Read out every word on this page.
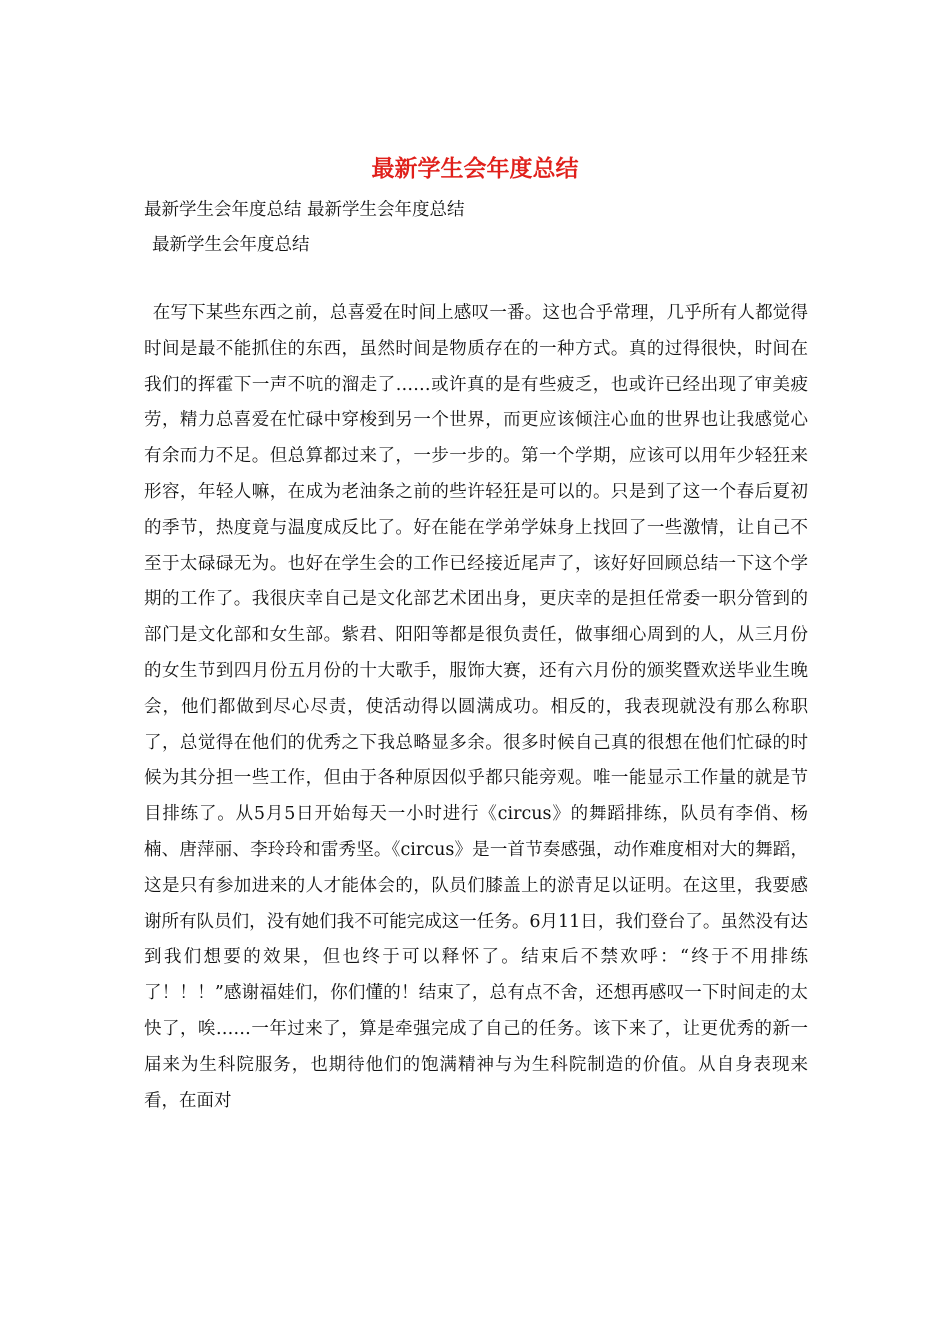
最新学生会年度总结

最新学生会年度总结 最新学生会年度总结

最新学生会年度总结

在写下某些东西之前，总喜爱在时间上感叹一番。这也合乎常理，几乎所有人都觉得时间是最不能抓住的东西，虽然时间是物质存在的一种方式。真的过得很快，时间在我们的挥霍下一声不吭的溜走了……或许真的是有些疲乏，也或许已经出现了审美疲劳，精力总喜爱在忙碌中穿梭到另一个世界，而更应该倾注心血的世界也让我感觉心有余而力不足。但总算都过来了，一步一步的。第一个学期，应该可以用年少轻狂来形容，年轻人嘛，在成为老油条之前的些许轻狂是可以的。只是到了这一个春后夏初的季节，热度竟与温度成反比了。好在能在学弟学妹身上找回了一些激情，让自己不至于太碌碌无为。也好在学生会的工作已经接近尾声了，该好好回顾总结一下这个学期的工作了。我很庆幸自己是文化部艺术团出身，更庆幸的是担任常委一职分管到的部门是文化部和女生部。紫君、阳阳等都是很负责任，做事细心周到的人，从三月份的女生节到四月份五月份的十大歌手，服饰大赛，还有六月份的颁奖暨欢送毕业生晚会，他们都做到尽心尽责，使活动得以圆满成功。相反的，我表现就没有那么称职了，总觉得在他们的优秀之下我总略显多余。很多时候自己真的很想在他们忙碌的时候为其分担一些工作，但由于各种原因似乎都只能旁观。唯一能显示工作量的就是节目排练了。从5月5日开始每天一小时进行《circus》的舞蹈排练，队员有李俏、杨楠、唐萍丽、李玲玲和雷秀坚。《circus》是一首节奏感强，动作难度相对大的舞蹈，这是只有参加进来的人才能体会的，队员们膝盖上的淤青足以证明。在这里，我要感谢所有队员们，没有她们我不可能完成这一任务。6月11日，我们登台了。虽然没有达到我们想要的效果，但也终于可以释怀了。结束后不禁欢呼：“终于不用排练了！！！”感谢福娃们，你们懂的！结束了，总有点不舍，还想再感叹一下时间走的太快了，唉……一年过来了，算是牵强完成了自己的任务。该下来了，让更优秀的新一届来为生科院服务，也期待他们的饱满精神与为生科院制造的价值。从自身表现来看，在面对
